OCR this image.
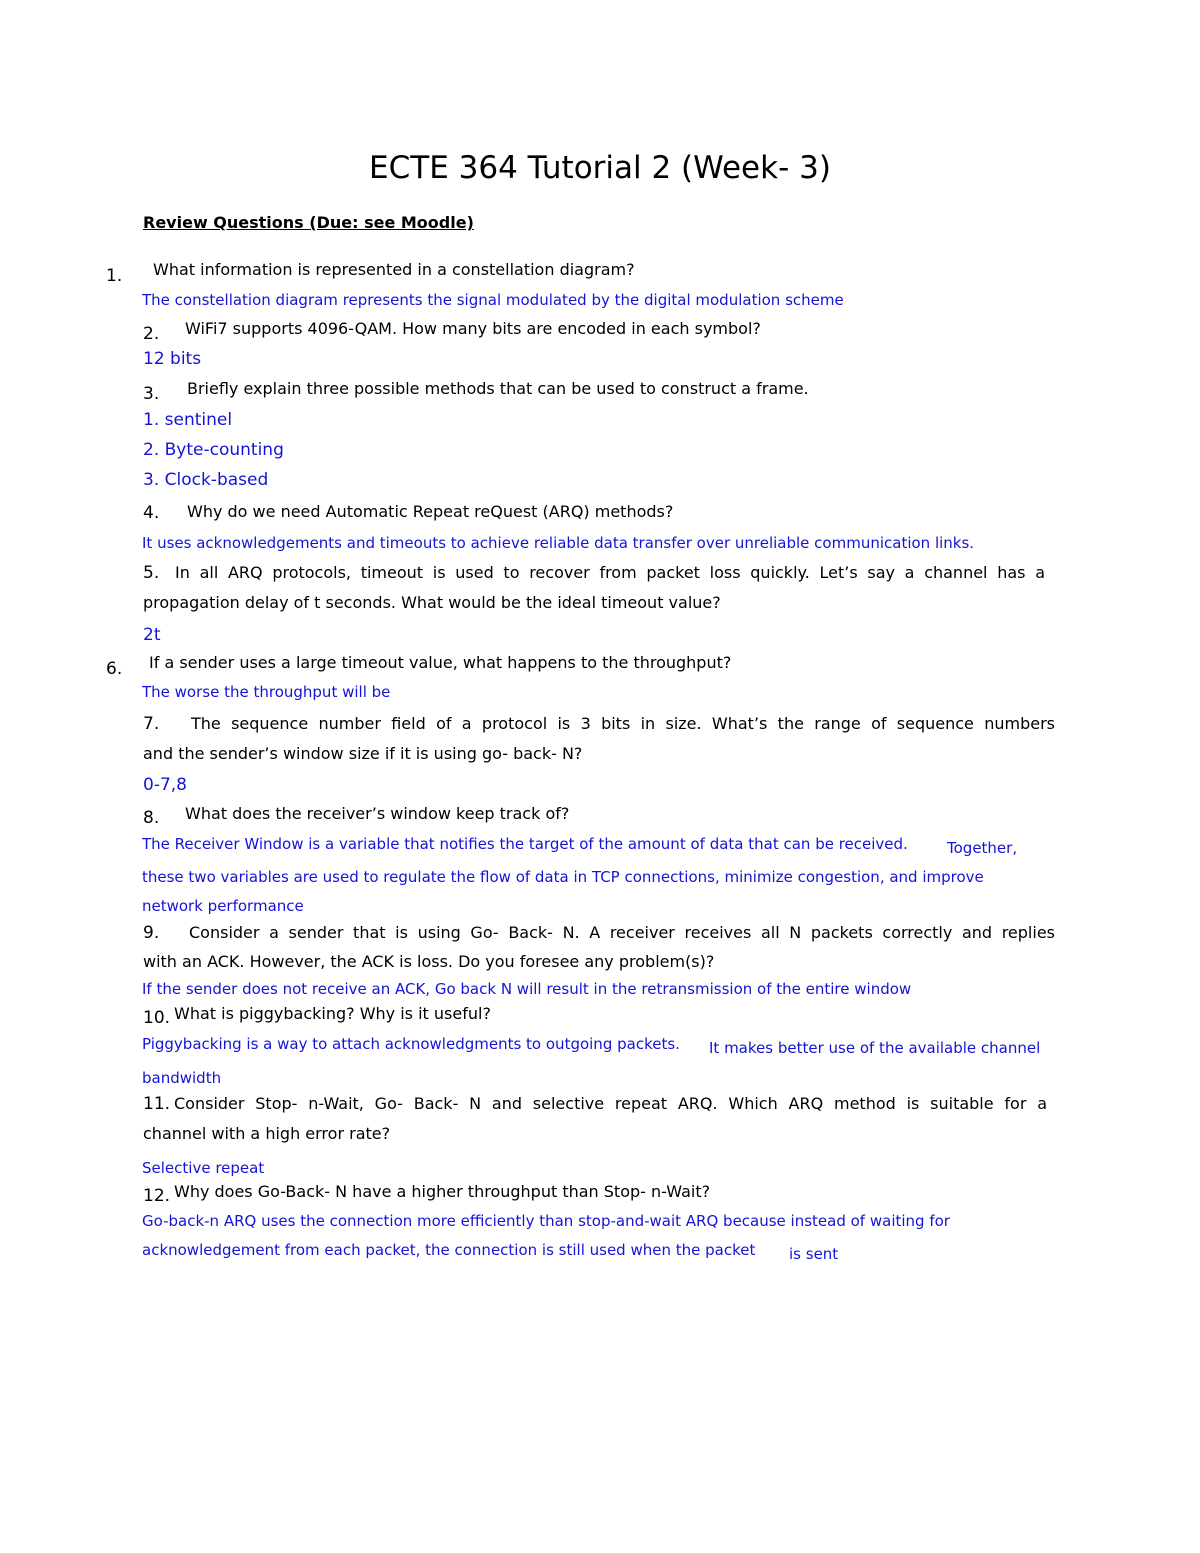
ECTE 364 Tutorial 2 (Week- 3)
Review Questions (Due: see Moodle)
1. What information is represented in a constellation diagram?
The constellation diagram represents the signal modulated by the digital modulation scheme
2. WiFi7 supports 4096-QAM. How many bits are encoded in each symbol?
12 bits
3. Briefly explain three possible methods that can be used to construct a frame.
1. sentinel
2. Byte-counting
3. Clock-based
4. Why do we need Automatic Repeat reQuest (ARQ) methods?
It uses acknowledgements and timeouts to achieve reliable data transfer over unreliable communication links.
5. In all ARQ protocols, timeout is used to recover from packet loss quickly. Let’s say a channel has a
propagation delay of t seconds. What would be the ideal timeout value?
2t
6. If a sender uses a large timeout value, what happens to the throughput?
The worse the throughput will be
7. The sequence number field of a protocol is 3 bits in size. What’s the range of sequence numbers
and the sender’s window size if it is using go- back- N?
0-7,8
8. What does the receiver’s window keep track of?
The Receiver Window is a variable that notifies the target of the amount of data that can be received.	Together,
these two variables are used to regulate the flow of data in TCP connections, minimize congestion, and improve
network performance
9. Consider a sender that is using Go- Back- N. A receiver receives all N packets correctly and replies
with an ACK. However, the ACK is loss. Do you foresee any problem(s)?
If the sender does not receive an ACK, Go back N will result in the retransmission of the entire window
10. What is piggybacking? Why is it useful?
Piggybacking is a way to attach acknowledgments to outgoing packets. It makes better use of the available channel
bandwidth
11. Consider Stop- n-Wait, Go- Back- N and selective repeat ARQ. Which ARQ method is suitable for a
channel with a high error rate?
Selective repeat
12. Why does Go-Back- N have a higher throughput than Stop- n-Wait?
Go-back-n ARQ uses the connection more efficiently than stop-and-wait ARQ because instead of waiting for
acknowledgement from each packet, the connection is still used when the packet is sent
